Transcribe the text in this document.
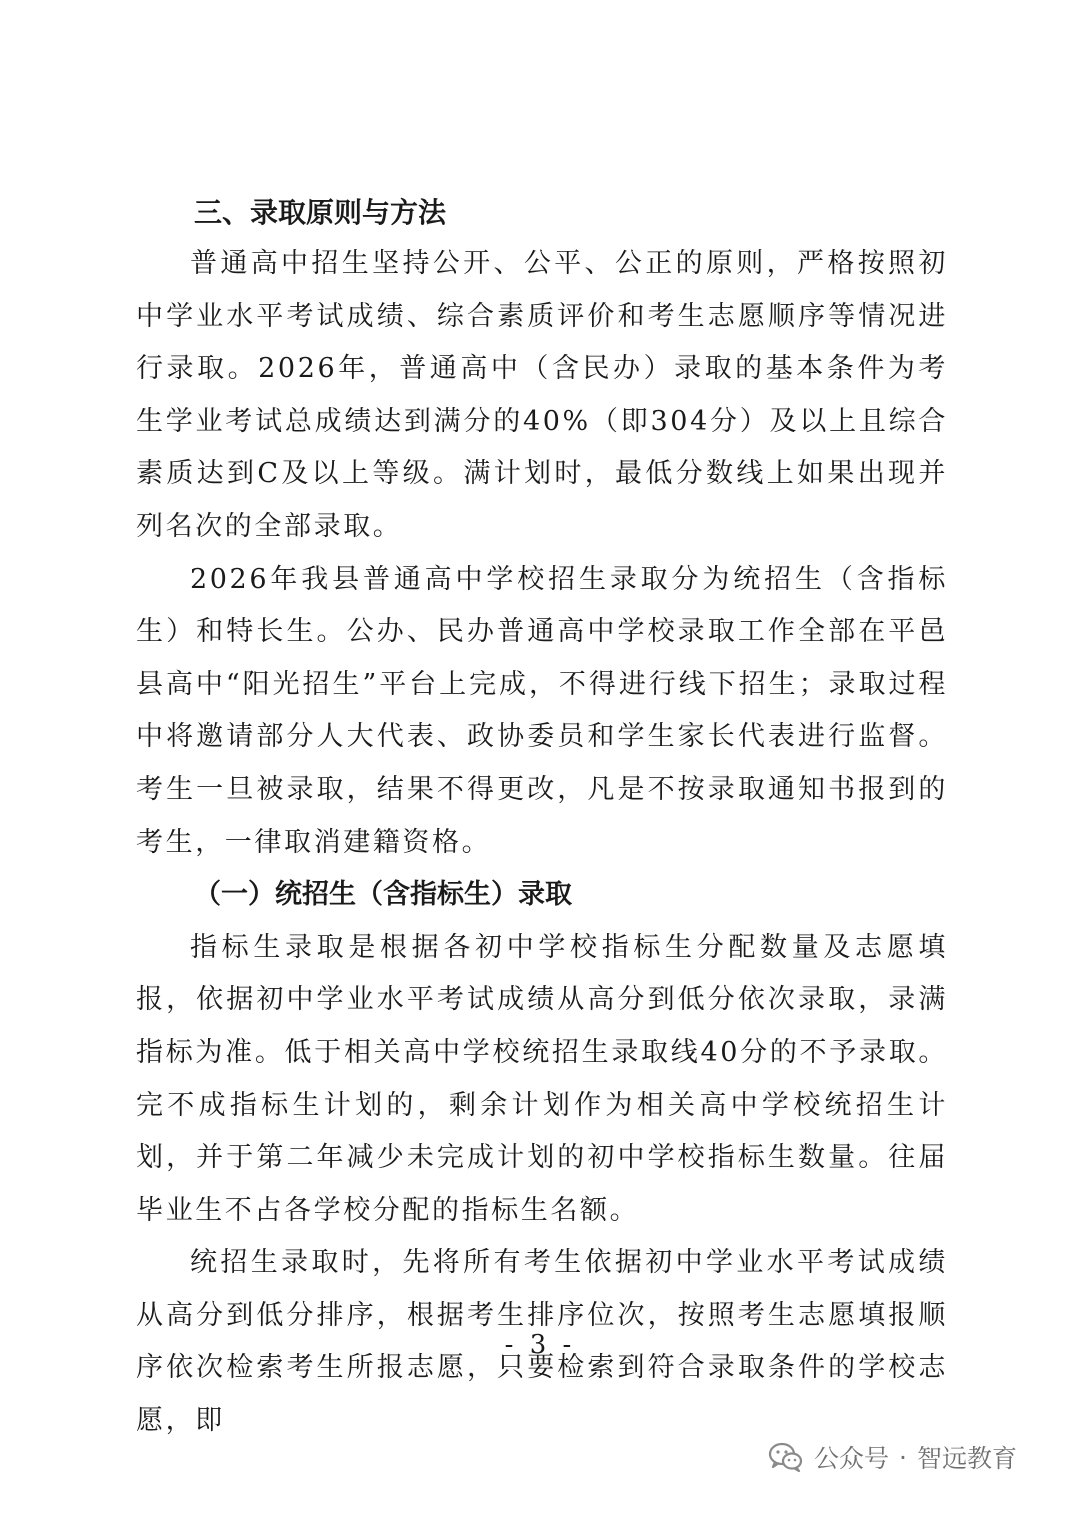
三、录取原则与方法

普通高中招生坚持公开、公平、公正的原则，严格按照初中学业水平考试成绩、综合素质评价和考生志愿顺序等情况进行录取。2026年，普通高中（含民办）录取的基本条件为考生学业考试总成绩达到满分的40%（即304分）及以上且综合素质达到C及以上等级。满计划时，最低分数线上如果出现并列名次的全部录取。

2026年我县普通高中学校招生录取分为统招生（含指标生）和特长生。公办、民办普通高中学校录取工作全部在平邑县高中“阳光招生”平台上完成，不得进行线下招生；录取过程中将邀请部分人大代表、政协委员和学生家长代表进行监督。考生一旦被录取，结果不得更改，凡是不按录取通知书报到的考生，一律取消建籍资格。

（一）统招生（含指标生）录取

指标生录取是根据各初中学校指标生分配数量及志愿填报，依据初中学业水平考试成绩从高分到低分依次录取，录满指标为准。低于相关高中学校统招生录取线40分的不予录取。完不成指标生计划的，剩余计划作为相关高中学校统招生计划，并于第二年减少未完成计划的初中学校指标生数量。往届毕业生不占各学校分配的指标生名额。

统招生录取时，先将所有考生依据初中学业水平考试成绩从高分到低分排序，根据考生排序位次，按照考生志愿填报顺序依次检索考生所报志愿，只要检索到符合录取条件的学校志愿，即

- 3 -
公众号 · 智远教育
